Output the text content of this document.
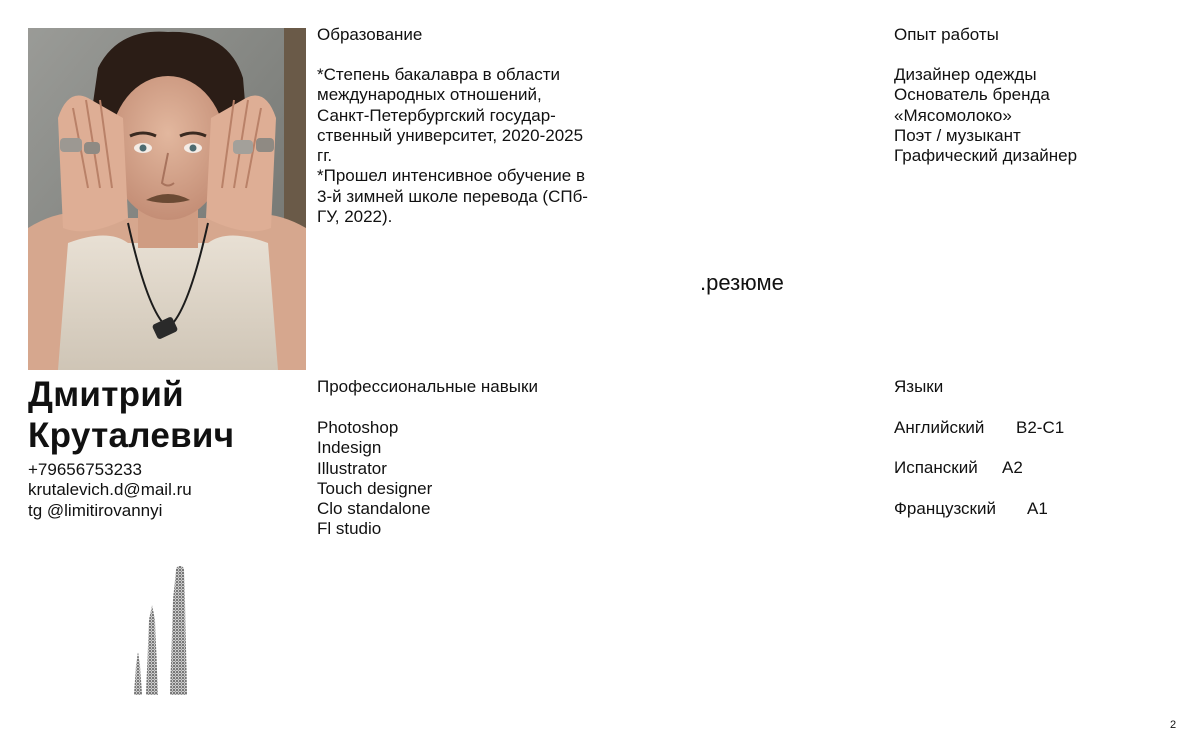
Дмитрий
Круталевич
+79656753233
krutalevich.d@mail.ru
tg @limitirovannyi
Образование
*Степень бакалавра в области
международных отношений,
Санкт-Петербургский государ-
ственный университет, 2020-2025
гг.
*Прошел интенсивное обучение в
3-й зимней школе перевода (СПб-
ГУ, 2022).
Опыт работы
Дизайнер одежды
Основатель бренда
«Мясомолоко»
Поэт / музыкант
Графический дизайнер
.резюме
Профессиональные навыки
Photoshop
Indesign
Illustrator
Touch designer
Clo standalone
Fl studio
Языки
Английский B2-C1
Испанский A2
Французский A1
2
